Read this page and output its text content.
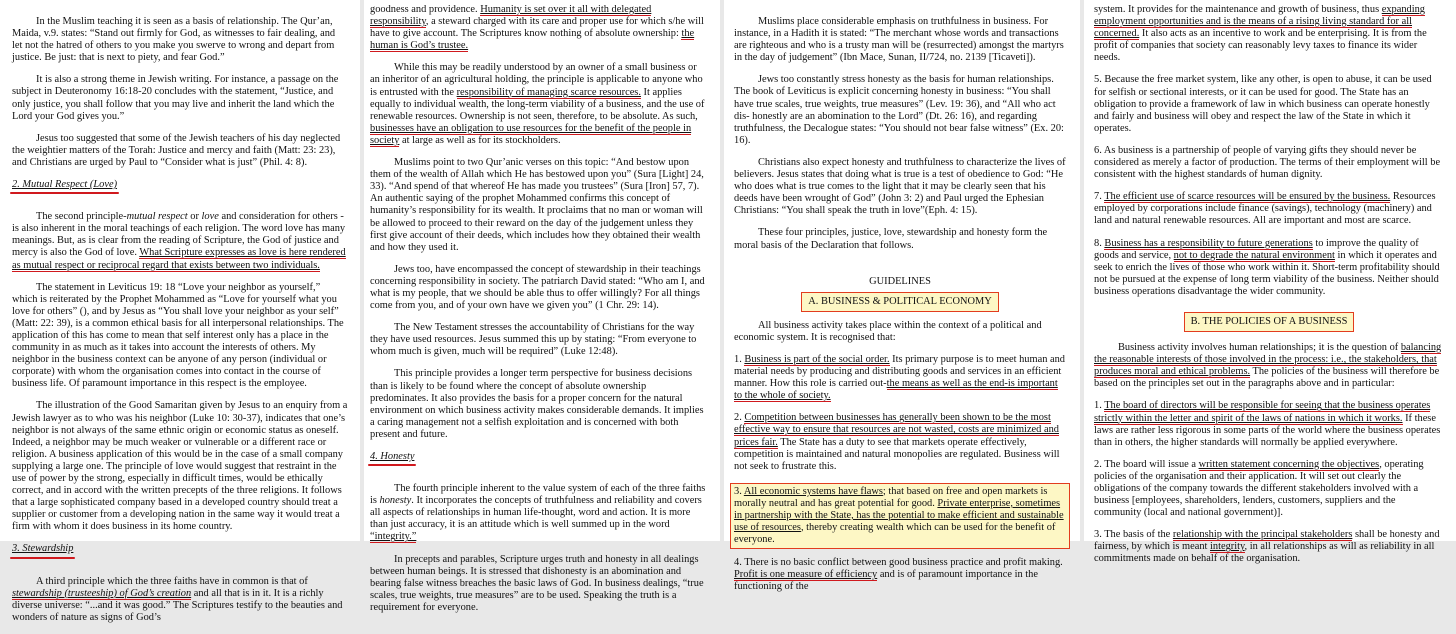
In the Muslim teaching it is seen as a basis of relationship. The Qur’an, Maida, v.9. states: “Stand out firmly for God, as witnesses to fair dealing, and let not the hatred of others to you make you swerve to wrong and depart from justice. Be just: that is next to piety, and fear God.”

It is also a strong theme in Jewish writing. For instance, a passage on the subject in Deuteronomy 16:18-20 concludes with the statement, “Justice, and only justice, you shall follow that you may live and inherit the land which the Lord your God gives you.”

Jesus too suggested that some of the Jewish teachers of his day neglected the weightier matters of the Torah: Justice and mercy and faith (Matt: 23: 23), and Christians are urged by Paul to “Consider what is just” (Phil. 4: 8).

2. Mutual Respect (Love)

The second principle-mutual respect or love and consideration for others -is also inherent in the moral teachings of each religion. The word love has many meanings. But, as is clear from the reading of Scripture, the God of justice and mercy is also the God of love. What Scripture expresses as love is here rendered as mutual respect or reciprocal regard that exists between two individuals.

The statement in Leviticus 19: 18 “Love your neighbor as yourself,” which is reiterated by the Prophet Mohammed as “Love for yourself what you love for others” (), and by Jesus as “You shall love your neighbor as your self” (Matt: 22: 39), is a common ethical basis for all interpersonal relationships. The application of this has come to mean that self interest only has a place in the community in as much as it takes into account the interests of others. My neighbor in the business context can be anyone of any person (individual or corporate) with whom the organisation comes into contact in the course of business life. Of paramount importance in this respect is the employee.

The illustration of the Good Samaritan given by Jesus to an enquiry from a Jewish lawyer as to who was his neighbor (Luke 10: 30-37), indicates that one’s neighbor is not always of the same ethnic origin or economic status as oneself. Indeed, a neighbor may be much weaker or vulnerable or a different race or religion. A business application of this would be in the case of a small company supplying a large one. The principle of love would suggest that restraint in the use of power by the strong, especially in difficult times, would be ethically correct, and in accord with the written precepts of the three religions. It follows that a large sophisticated company based in a developed country should treat a supplier or customer from a developing nation in the same way it would treat a firm with whom it does business in its home country.

3. Stewardship

A third principle which the three faiths have in common is that of stewardship (trusteeship) of God’s creation and all that is in it. It is a richly diverse universe: “...and it was good.” The Scriptures testify to the beauties and wonders of nature as signs of God’s

goodness and providence. Humanity is set over it all with delegated responsibility, a steward charged with its care and proper use for which s/he will have to give account. The Scriptures know nothing of absolute ownership: the human is God’s trustee.

While this may be readily understood by an owner of a small business or an inheritor of an agricultural holding, the principle is applicable to anyone who is entrusted with the responsibility of managing scarce resources. It applies equally to individual wealth, the long-term viability of a business, and the use of renewable resources. Ownership is not seen, therefore, to be absolute. As such, businesses have an obligation to use resources for the benefit of the people in society at large as well as for its stockholders.

Muslims point to two Qur’anic verses on this topic: “And bestow upon them of the wealth of Allah which He has bestowed upon you” (Sura [Light] 24, 33). “And spend of that whereof He has made you trustees” (Sura [Iron] 57, 7). An authentic saying of the prophet Mohammed confirms this concept of humanity’s responsibility for its wealth. It proclaims that no man or woman will be allowed to proceed to their reward on the day of the judgement unless they first give account of their deeds, which includes how they obtained their wealth and how they used it.

Jews too, have encompassed the concept of stewardship in their teachings concerning responsibility in society. The patriarch David stated: “Who am I, and what is my people, that we should be able thus to offer willingly? For all things come from you, and of your own have we given you” (1 Chr. 29: 14).

The New Testament stresses the accountability of Christians for the way they have used resources. Jesus summed this up by stating: “From everyone to whom much is given, much will be required” (Luke 12:48).

This principle provides a longer term perspective for business decisions than is likely to be found where the concept of absolute ownership predominates. It also provides the basis for a proper concern for the natural environment on which business activity makes considerable demands. It implies a caring management not a selfish exploitation and is concerned with both present and future.

4. Honesty

The fourth principle inherent to the value system of each of the three faiths is honesty. It incorporates the concepts of truthfulness and reliability and covers all aspects of relationships in human life-thought, word and action. It is more than just accuracy, it is an attitude which is well summed up in the word “integrity.”

In precepts and parables, Scripture urges truth and honesty in all dealings between human beings. It is stressed that dishonesty is an abomination and bearing false witness breaches the basic laws of God. In business dealings, “true scales, true weights, true measures” are to be used. Speaking the truth is a requirement for everyone.

Muslims place considerable emphasis on truthfulness in business. For instance, in a Hadith it is stated: “The merchant whose words and transactions are righteous and who is a trusty man will be (resurrected) amongst the martyrs in the day of judgement” (Ibn Mace, Sunan, II/724, no. 2139 [Ticaveti]).

Jews too constantly stress honesty as the basis for human relationships. The book of Leviticus is explicit concerning honesty in business: “You shall have true scales, true weights, true measures” (Lev. 19: 36), and “All who act dis- honestly are an abomination to the Lord” (Dt. 26: 16), and regarding truthfulness, the Decalogue states: “You should not bear false witness” (Ex. 20: 16).

Christians also expect honesty and truthfulness to characterize the lives of believers. Jesus states that doing what is true is a test of obedience to God: “He who does what is true comes to the light that it may be clearly seen that his deeds have been wrought of God” (John 3: 2) and Paul urged the Ephesian Christians: “You shall speak the truth in love”(Eph. 4: 15).

These four principles, justice, love, stewardship and honesty form the moral basis of the Declaration that follows.

GUIDELINES
A. BUSINESS & POLITICAL ECONOMY

All business activity takes place within the context of a political and economic system. It is recognised that:

1. Business is part of the social order. Its primary purpose is to meet human and material needs by producing and distributing goods and services in an efficient manner. How this role is carried out-the means as well as the end-is important to the whole of society.

2. Competition between businesses has generally been shown to be the most effective way to ensure that resources are not wasted, costs are minimized and prices fair. The State has a duty to see that markets operate effectively, competition is maintained and natural monopolies are regulated. Business will not seek to frustrate this.

3. All economic systems have flaws; that based on free and open markets is morally neutral and has great potential for good. Private enterprise, sometimes in partnership with the State, has the potential to make efficient and sustainable use of resources, thereby creating wealth which can be used for the benefit of everyone.

4. There is no basic conflict between good business practice and profit making. Profit is one measure of efficiency and is of paramount importance in the functioning of the

system. It provides for the maintenance and growth of business, thus expanding employment opportunities and is the means of a rising living standard for all concerned. It also acts as an incentive to work and be enterprising. It is from the profit of companies that society can reasonably levy taxes to finance its wider needs.

5. Because the free market system, like any other, is open to abuse, it can be used for selfish or sectional interests, or it can be used for good. The State has an obligation to provide a framework of law in which business can operate honestly and fairly and business will obey and respect the law of the State in which it operates.

6. As business is a partnership of people of varying gifts they should never be considered as merely a factor of production. The terms of their employment will be consistent with the highest standards of human dignity.

7. The efficient use of scarce resources will be ensured by the business. Resources employed by corporations include finance (savings), technology (machinery) and land and natural renewable resources. All are important and most are scarce.

8. Business has a responsibility to future generations to improve the quality of goods and service, not to degrade the natural environment in which it operates and seek to enrich the lives of those who work within it. Short-term profitability should not be pursued at the expense of long term viability of the business. Neither should business operations disadvantage the wider community.

B. THE POLICIES OF A BUSINESS

Business activity involves human relationships; it is the question of balancing the reasonable interests of those involved in the process: i.e., the stakeholders, that produces moral and ethical problems. The policies of the business will therefore be based on the principles set out in the paragraphs above and in particular:

1. The board of directors will be responsible for seeing that the business operates strictly within the letter and spirit of the laws of nations in which it works. If these laws are rather less rigorous in some parts of the world where the business operates than in others, the higher standards will normally be applied everywhere.

2. The board will issue a written statement concerning the objectives, operating policies of the organisation and their application. It will set out clearly the obligations of the company towards the different stakeholders involved with a business [employees, shareholders, lenders, customers, suppliers and the community (local and national government)].

3. The basis of the relationship with the principal stakeholders shall be honesty and fairness, by which is meant integrity, in all relationships as will as reliability in all commitments made on behalf of the organisation.
